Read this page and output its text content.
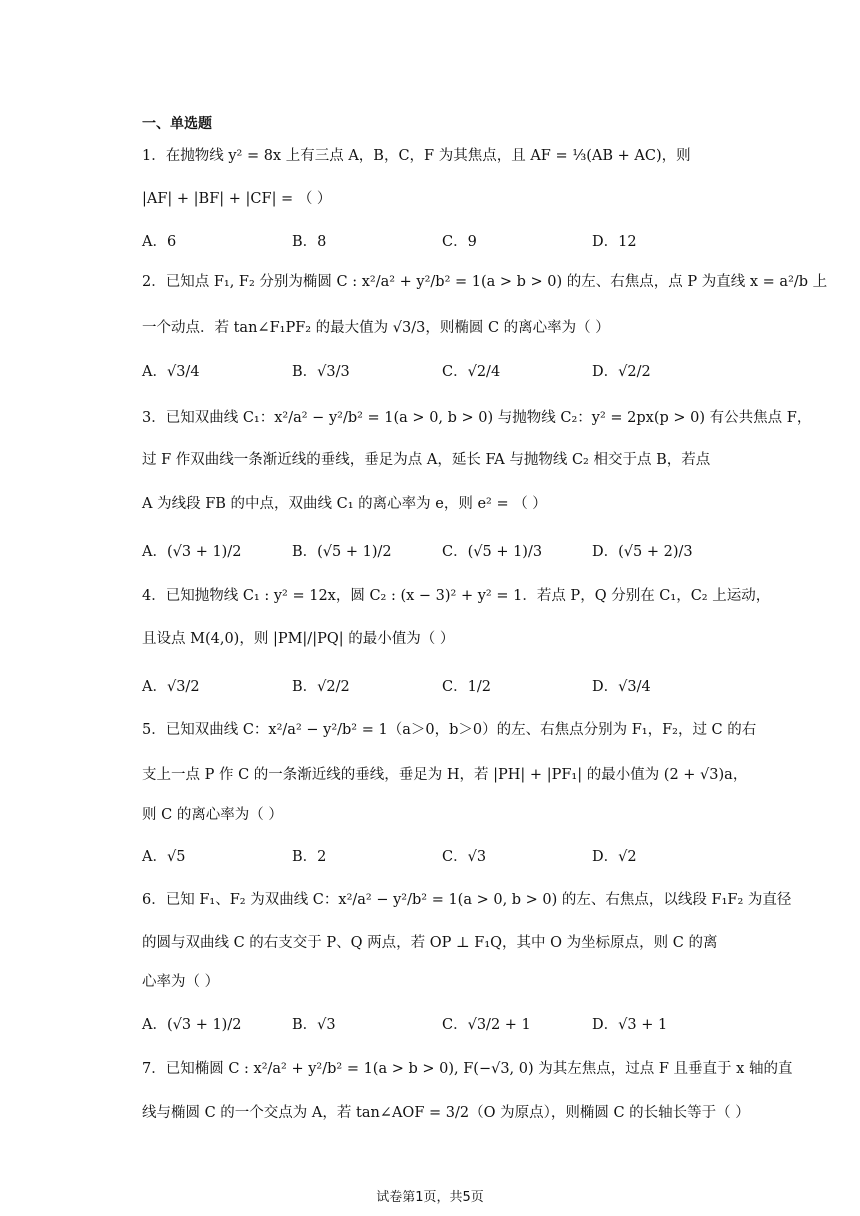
一、单选题
1．在抛物线 y² = 8x 上有三点 A，B，C，F 为其焦点，且 AF = ⅓(AB + AC)，则
|AF| + |BF| + |CF| = （ ）
A．6	B．8	C．9	D．12
2．已知点 F₁, F₂ 分别为椭圆 C : x²/a² + y²/b² = 1(a > b > 0) 的左、右焦点，点 P 为直线 x = a²/b 上
一个动点．若 tan∠F₁PF₂ 的最大值为 √3/3，则椭圆 C 的离心率为（ ）
A．√3/4	B．√3/3	C．√2/4	D．√2/2
3．已知双曲线 C₁：x²/a² − y²/b² = 1(a > 0, b > 0) 与抛物线 C₂：y² = 2px(p > 0) 有公共焦点 F，
过 F 作双曲线一条渐近线的垂线，垂足为点 A，延长 FA 与抛物线 C₂ 相交于点 B，若点
A 为线段 FB 的中点，双曲线 C₁ 的离心率为 e，则 e² = （ ）
A．(√3 + 1)/2	B．(√5 + 1)/2	C．(√5 + 1)/3	D．(√5 + 2)/3
4．已知抛物线 C₁ : y² = 12x，圆 C₂ : (x − 3)² + y² = 1．若点 P，Q 分别在 C₁，C₂ 上运动，
且设点 M(4,0)，则 |PM|/|PQ| 的最小值为（ ）
A．√3/2	B．√2/2	C．1/2	D．√3/4
5．已知双曲线 C：x²/a² − y²/b² = 1（a＞0，b＞0）的左、右焦点分别为 F₁，F₂，过 C 的右
支上一点 P 作 C 的一条渐近线的垂线，垂足为 H，若 |PH| + |PF₁| 的最小值为 (2 + √3)a，
则 C 的离心率为（ ）
A．√5	B．2	C．√3	D．√2
6．已知 F₁、F₂ 为双曲线 C：x²/a² − y²/b² = 1(a > 0, b > 0) 的左、右焦点，以线段 F₁F₂ 为直径
的圆与双曲线 C 的右支交于 P、Q 两点，若 OP ⊥ F₁Q，其中 O 为坐标原点，则 C 的离
心率为（ ）
A．(√3 + 1)/2	B．√3	C．√3/2 + 1	D．√3 + 1
7．已知椭圆 C : x²/a² + y²/b² = 1(a > b > 0), F(−√3, 0) 为其左焦点，过点 F 且垂直于 x 轴的直
线与椭圆 C 的一个交点为 A，若 tan∠AOF = 3/2（O 为原点），则椭圆 C 的长轴长等于（ ）
试卷第1页，共5页
